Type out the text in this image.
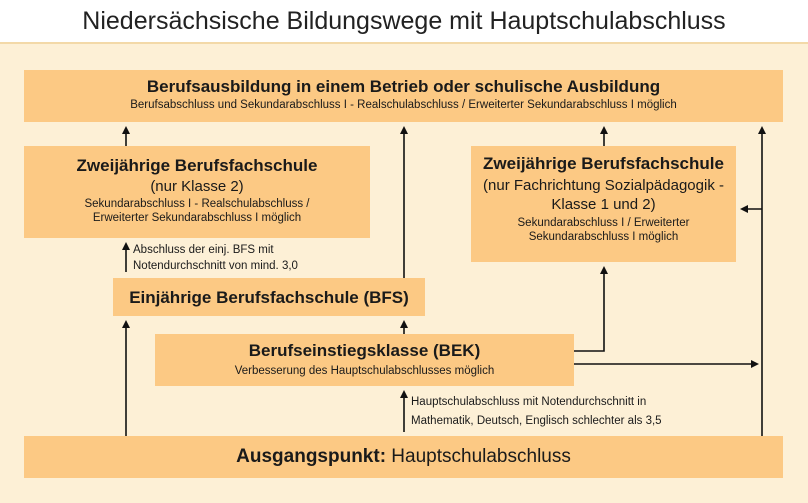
Niedersächsische Bildungswege mit Hauptschulabschluss
Berufsausbildung in einem Betrieb oder schulische Ausbildung
Berufsabschluss und Sekundarabschluss I - Realschulabschluss / Erweiterter Sekundarabschluss I möglich
Zweijährige Berufsfachschule
(nur Klasse 2)
Sekundarabschluss I - Realschulabschluss /
Erweiterter Sekundarabschluss I möglich
Zweijährige Berufsfachschule
(nur Fachrichtung Sozialpädagogik -
Klasse 1 und 2)
Sekundarabschluss I / Erweiterter
Sekundarabschluss I möglich
Einjährige Berufsfachschule (BFS)
Berufseinstiegsklasse (BEK)
Verbesserung des Hauptschulabschlusses möglich
Ausgangspunkt: Hauptschulabschluss
Abschluss der einj. BFS mit
Notendurchschnitt von mind. 3,0
Hauptschulabschluss mit Notendurchschnitt in
Mathematik, Deutsch, Englisch schlechter als 3,5
